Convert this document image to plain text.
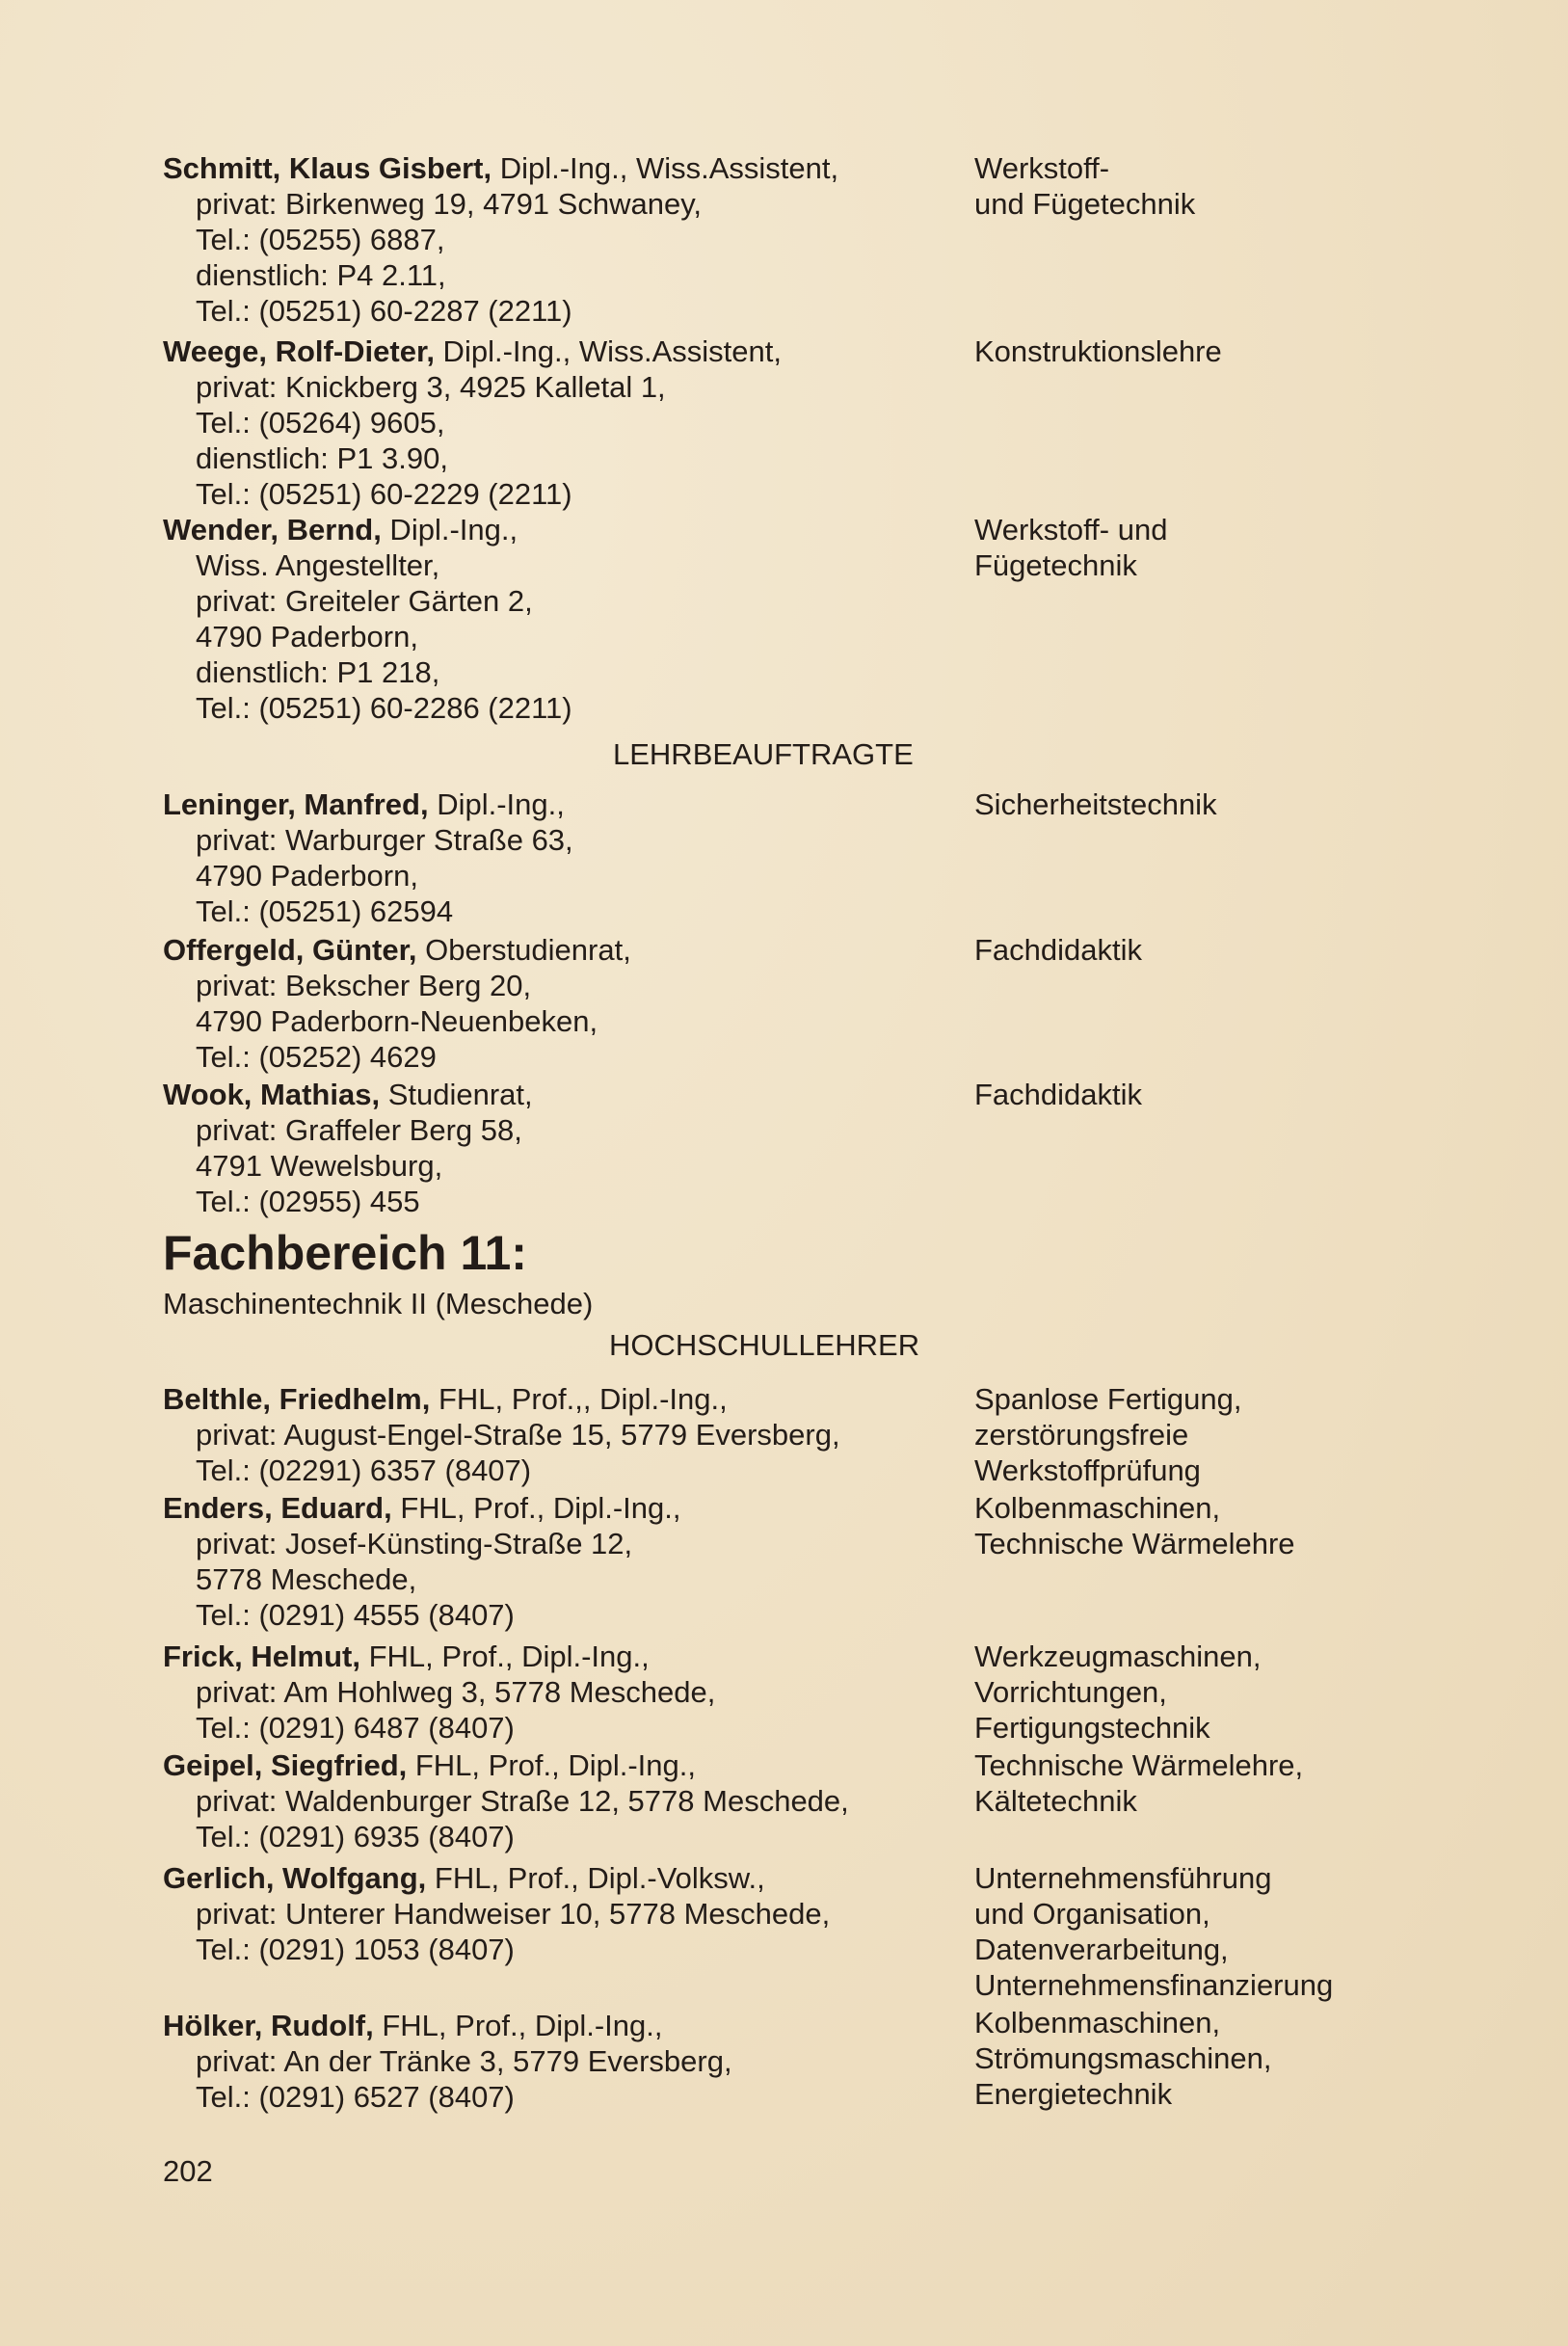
Schmitt, Klaus Gisbert, Dipl.-Ing., Wiss.Assistent,
privat: Birkenweg 19, 4791 Schwaney,
Tel.: (05255) 6887,
dienstlich: P4 2.11,
Tel.: (05251) 60-2287 (2211)
Werkstoff-
und Fügetechnik
Weege, Rolf-Dieter, Dipl.-Ing., Wiss.Assistent,
privat: Knickberg 3, 4925 Kalletal 1,
Tel.: (05264) 9605,
dienstlich: P1 3.90,
Tel.: (05251) 60-2229 (2211)
Konstruktionslehre
Wender, Bernd, Dipl.-Ing.,
Wiss. Angestellter,
privat: Greiteler Gärten 2,
4790 Paderborn,
dienstlich: P1 218,
Tel.: (05251) 60-2286 (2211)
Werkstoff- und
Fügetechnik
LEHRBEAUFTRAGTE
Leninger, Manfred, Dipl.-Ing.,
privat: Warburger Straße 63,
4790 Paderborn,
Tel.: (05251) 62594
Sicherheitstechnik
Offergeld, Günter, Oberstudienrat,
privat: Bekscher Berg 20,
4790 Paderborn-Neuenbeken,
Tel.: (05252) 4629
Fachdidaktik
Wook, Mathias, Studienrat,
privat: Graffeler Berg 58,
4791 Wewelsburg,
Tel.: (02955) 455
Fachdidaktik
Fachbereich 11:
Maschinentechnik II (Meschede)
HOCHSCHULLEHRER
Belthle, Friedhelm, FHL, Prof.,, Dipl.-Ing.,
privat: August-Engel-Straße 15, 5779 Eversberg,
Tel.: (02291) 6357 (8407)
Spanlose Fertigung,
zerstörungsfreie
Werkstoffprüfung
Enders, Eduard, FHL, Prof., Dipl.-Ing.,
privat: Josef-Künsting-Straße 12,
5778 Meschede,
Tel.: (0291) 4555 (8407)
Kolbenmaschinen,
Technische Wärmelehre
Frick, Helmut, FHL, Prof., Dipl.-Ing.,
privat: Am Hohlweg 3, 5778 Meschede,
Tel.: (0291) 6487 (8407)
Werkzeugmaschinen,
Vorrichtungen,
Fertigungstechnik
Geipel, Siegfried, FHL, Prof., Dipl.-Ing.,
privat: Waldenburger Straße 12, 5778 Meschede,
Tel.: (0291) 6935 (8407)
Technische Wärmelehre,
Kältetechnik
Gerlich, Wolfgang, FHL, Prof., Dipl.-Volksw.,
privat: Unterer Handweiser 10, 5778 Meschede,
Tel.: (0291) 1053 (8407)
Unternehmensführung
und Organisation,
Datenverarbeitung,
Unternehmensfinanzierung
Hölker, Rudolf, FHL, Prof., Dipl.-Ing.,
privat: An der Tränke 3, 5779 Eversberg,
Tel.: (0291) 6527 (8407)
Kolbenmaschinen,
Strömungsmaschinen,
Energietechnik
202
